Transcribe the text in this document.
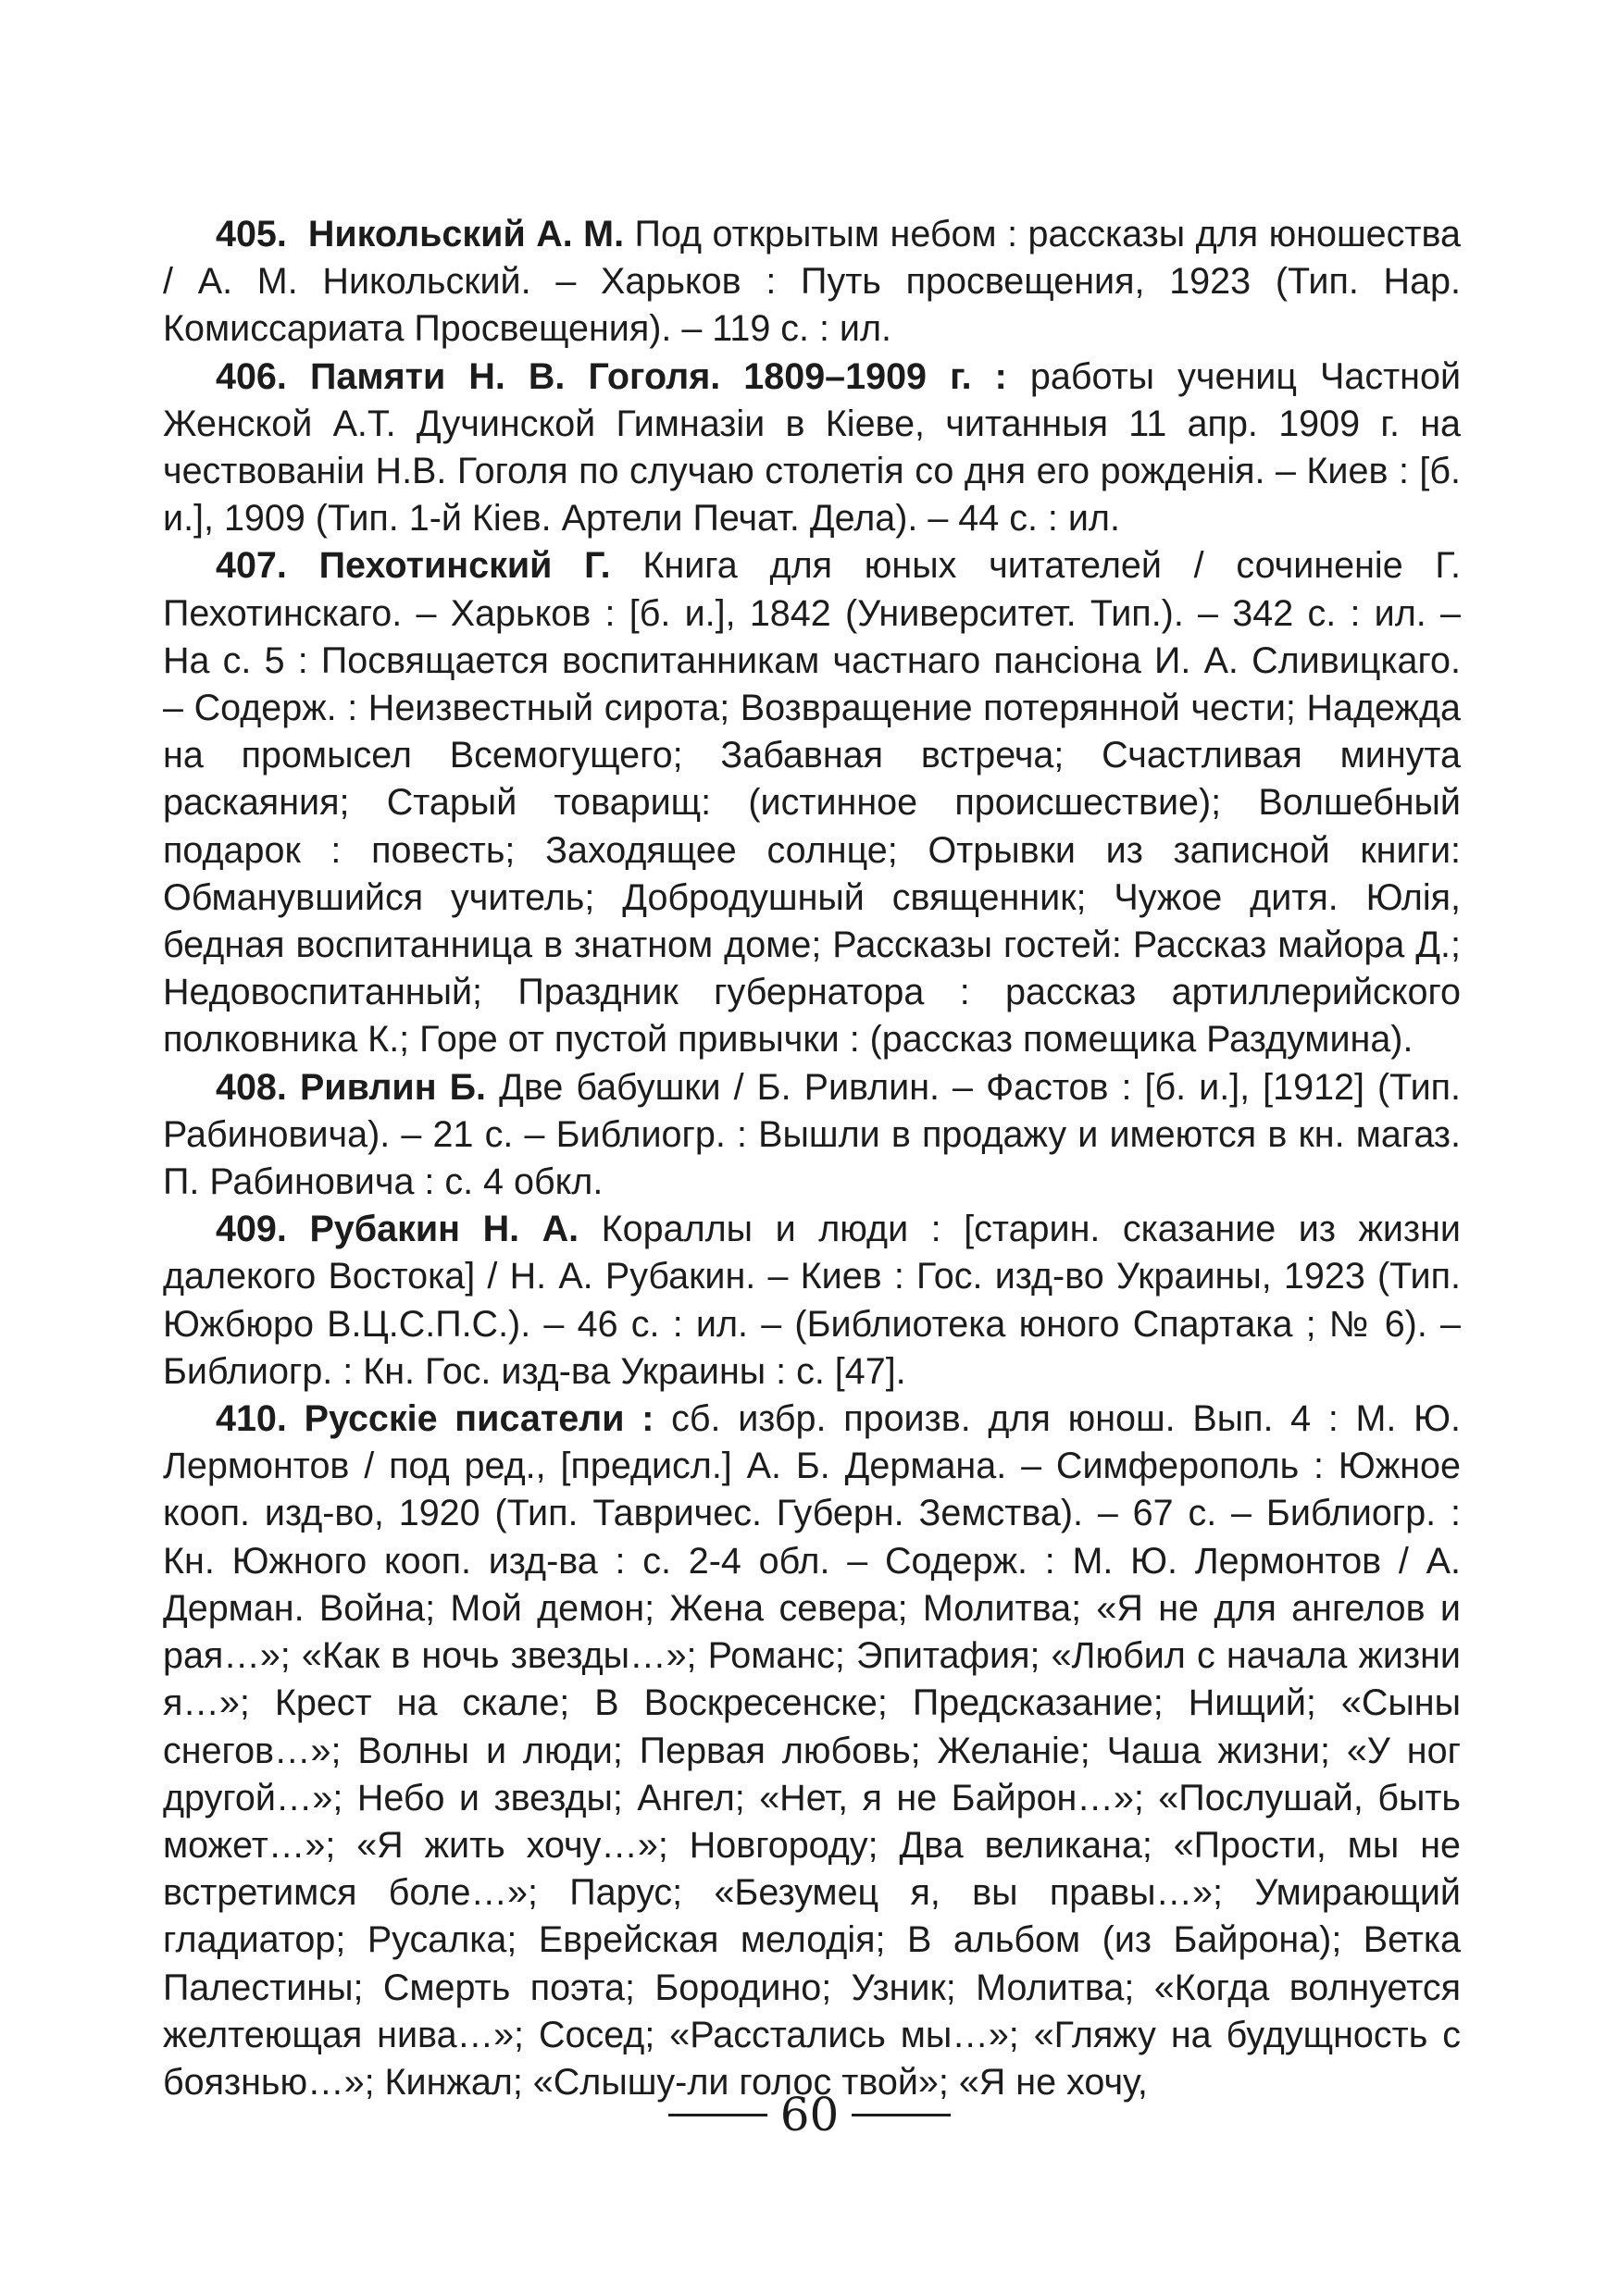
405. Никольский А. М. Под открытым небом : рассказы для юношества / А. М. Никольский. – Харьков : Путь просвещения, 1923 (Тип. Нар. Комиссариата Просвещения). – 119 с. : ил.

406. Памяти Н. В. Гоголя. 1809–1909 г. : работы учениц Частной Женской А.Т. Дучинской Гимназіи в Кіеве, читанныя 11 апр. 1909 г. на чествованіи Н.В. Гоголя по случаю столетія со дня его рожденія. – Киев : [б. и.], 1909 (Тип. 1-й Кіев. Артели Печат. Дела). – 44 с. : ил.

407. Пехотинский Г. Книга для юных читателей / сочиненіе Г. Пехотинскаго. – Харьков : [б. и.], 1842 (Университет. Тип.). – 342 с. : ил. – На с. 5 : Посвящается воспитанникам частнаго пансіона И. А. Сливицкаго. – Содерж. : Неизвестный сирота; Возвращение потерянной чести; Надежда на промысел Всемогущего; Забавная встреча; Счастливая минута раскаяния; Старый товарищ: (истинное происшествие); Волшебный подарок : повесть; Заходящее солнце; Отрывки из записной книги: Обманувшийся учитель; Добродушный священник; Чужое дитя. Юлія, бедная воспитанница в знатном доме; Рассказы гостей: Рассказ майора Д.; Недовоспитанный; Праздник губернатора : рассказ артиллерийского полковника К.; Горе от пустой привычки : (рассказ помещика Раздумина).

408. Ривлин Б. Две бабушки / Б. Ривлин. – Фастов : [б. и.], [1912] (Тип. Рабиновича). – 21 с. – Библиогр. : Вышли в продажу и имеются в кн. магаз. П. Рабиновича : с. 4 обкл.

409. Рубакин Н. А. Кораллы и люди : [старин. сказание из жизни далекого Востока] / Н. А. Рубакин. – Киев : Гос. изд-во Украины, 1923 (Тип. Южбюро В.Ц.С.П.С.). – 46 с. : ил. – (Библиотека юного Спартака ; № 6). – Библиогр. : Кн. Гос. изд-ва Украины : с. [47].

410. Русскіе писатели : сб. избр. произв. для юнош. Вып. 4 : М. Ю. Лермонтов / под ред., [предисл.] А. Б. Дермана. – Симферополь : Южное кооп. изд-во, 1920 (Тип. Тавричес. Губерн. Земства). – 67 с. – Библиогр. : Кн. Южного кооп. изд-ва : с. 2-4 обл. – Содерж. : М. Ю. Лермонтов / А. Дерман. Война; Мой демон; Жена севера; Молитва; «Я не для ангелов и рая…»; «Как в ночь звезды…»; Романс; Эпитафия; «Любил с начала жизни я…»; Крест на скале; В Воскресенске; Предсказание; Нищий; «Сыны снегов…»; Волны и люди; Первая любовь; Желаніе; Чаша жизни; «У ног другой…»; Небо и звезды; Ангел; «Нет, я не Байрон…»; «Послушай, быть может…»; «Я жить хочу…»; Новгороду; Два великана; «Прости, мы не встретимся боле…»; Парус; «Безумец я, вы правы…»; Умирающий гладиатор; Русалка; Еврейская мелодія; В альбом (из Байрона); Ветка Палестины; Смерть поэта; Бородино; Узник; Молитва; «Когда волнуется желтеющая нива…»; Сосед; «Расстались мы…»; «Гляжу на будущность с боязнью…»; Кинжал; «Слышу-ли голос твой»; «Я не хочу,

60
